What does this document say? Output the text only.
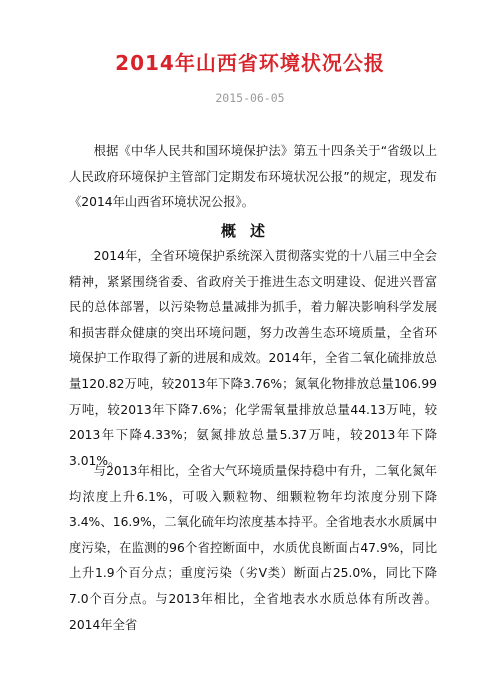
2014年山西省环境状况公报
2015-06-05

根据《中华人民共和国环境保护法》第五十四条关于“省级以上人民政府环境保护主管部门定期发布环境状况公报”的规定，现发布《2014年山西省环境状况公报》。

概述

2014年，全省环境保护系统深入贯彻落实党的十八届三中全会精神，紧紧围绕省委、省政府关于推进生态文明建设、促进兴晋富民的总体部署，以污染物总量减排为抓手，着力解决影响科学发展和损害群众健康的突出环境问题，努力改善生态环境质量，全省环境保护工作取得了新的进展和成效。2014年，全省二氧化硫排放总量120.82万吨，较2013年下降3.76%；氮氧化物排放总量106.99万吨，较2013年下降7.6%；化学需氧量排放总量44.13万吨，较2013年下降4.33%；氨氮排放总量5.37万吨，较2013年下降3.01%。

与2013年相比，全省大气环境质量保持稳中有升，二氧化氮年均浓度上升6.1%，可吸入颗粒物、细颗粒物年均浓度分别下降3.4%、16.9%，二氧化硫年均浓度基本持平。全省地表水水质属中度污染，在监测的96个省控断面中，水质优良断面占47.9%，同比上升1.9个百分点；重度污染（劣Ⅴ类）断面占25.0%，同比下降7.0个百分点。与2013年相比，全省地表水水质总体有所改善。2014年全省
